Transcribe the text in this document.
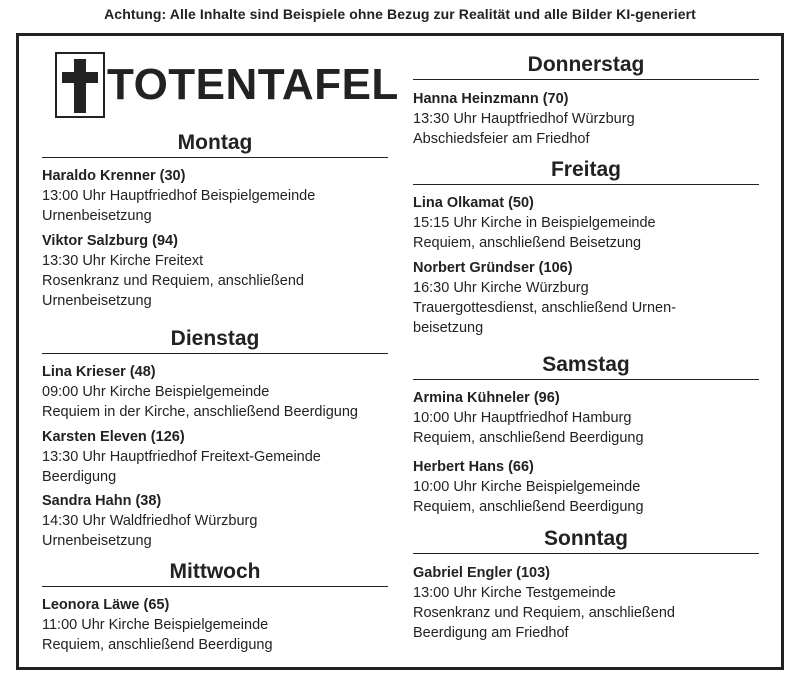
Achtung: Alle Inhalte sind Beispiele ohne Bezug zur Realität und alle Bilder KI-generiert
TOTENTAFEL
Montag
Haraldo Krenner (30)
13:00 Uhr Hauptfriedhof Beispielgemeinde
Urnenbeisetzung
Viktor Salzburg (94)
13:30 Uhr Kirche Freitext
Rosenkranz und Requiem, anschließend
Urnenbeisetzung
Dienstag
Lina Krieser (48)
09:00 Uhr Kirche Beispielgemeinde
Requiem in der Kirche, anschließend Beerdigung
Karsten Eleven (126)
13:30 Uhr Hauptfriedhof Freitext-Gemeinde
Beerdigung
Sandra Hahn (38)
14:30 Uhr Waldfriedhof Würzburg
Urnenbeisetzung
Mittwoch
Leonora Läwe (65)
11:00 Uhr Kirche Beispielgemeinde
Requiem, anschließend Beerdigung
Donnerstag
Hanna Heinzmann (70)
13:30 Uhr Hauptfriedhof Würzburg
Abschiedsfeier am Friedhof
Freitag
Lina Olkamat (50)
15:15 Uhr Kirche in Beispielgemeinde
Requiem, anschließend Beisetzung
Norbert Gründser (106)
16:30 Uhr Kirche Würzburg
Trauergottesdienst, anschließend Urnen-
beisetzung
Samstag
Armina Kühneler (96)
10:00 Uhr Hauptfriedhof Hamburg
Requiem, anschließend Beerdigung
Herbert Hans (66)
10:00 Uhr Kirche Beispielgemeinde
Requiem, anschließend Beerdigung
Sonntag
Gabriel Engler (103)
13:00 Uhr Kirche Testgemeinde
Rosenkranz und Requiem, anschließend
Beerdigung am Friedhof
